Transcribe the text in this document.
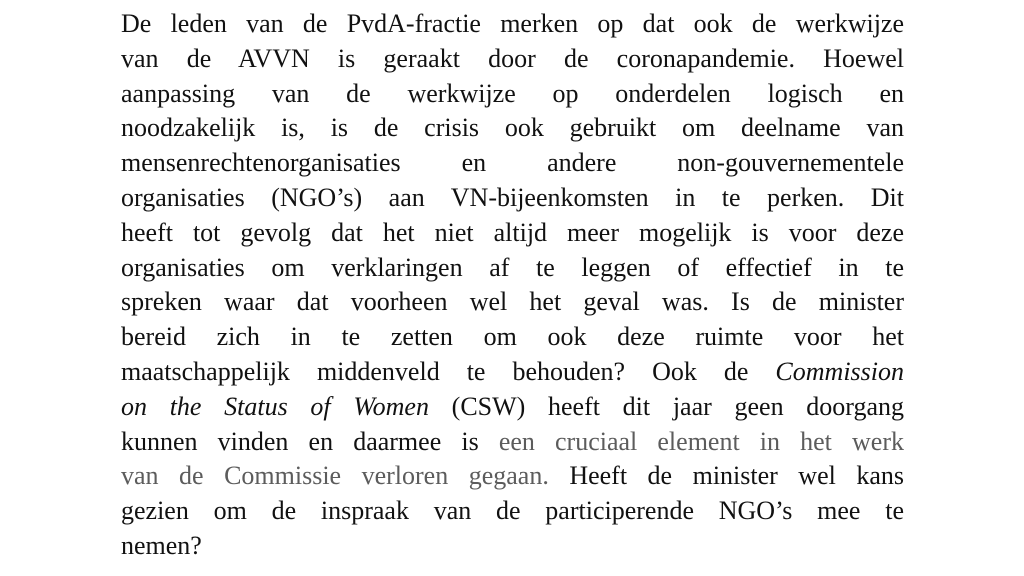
De leden van de PvdA-fractie merken op dat ook de werkwijze
van de AVVN is geraakt door de coronapandemie. Hoewel
aanpassing van de werkwijze op onderdelen logisch en
noodzakelijk is, is de crisis ook gebruikt om deelname van
mensenrechtenorganisaties en andere non-gouvernementele
organisaties (NGO’s) aan VN-bijeenkomsten in te perken. Dit
heeft tot gevolg dat het niet altijd meer mogelijk is voor deze
organisaties om verklaringen af te leggen of effectief in te
spreken waar dat voorheen wel het geval was. Is de minister
bereid zich in te zetten om ook deze ruimte voor het
maatschappelijk middenveld te behouden? Ook de Commission
on the Status of Women (CSW) heeft dit jaar geen doorgang
kunnen vinden en daarmee is een cruciaal element in het werk
van de Commissie verloren gegaan. Heeft de minister wel kans
gezien om de inspraak van de participerende NGO’s mee te
nemen?
